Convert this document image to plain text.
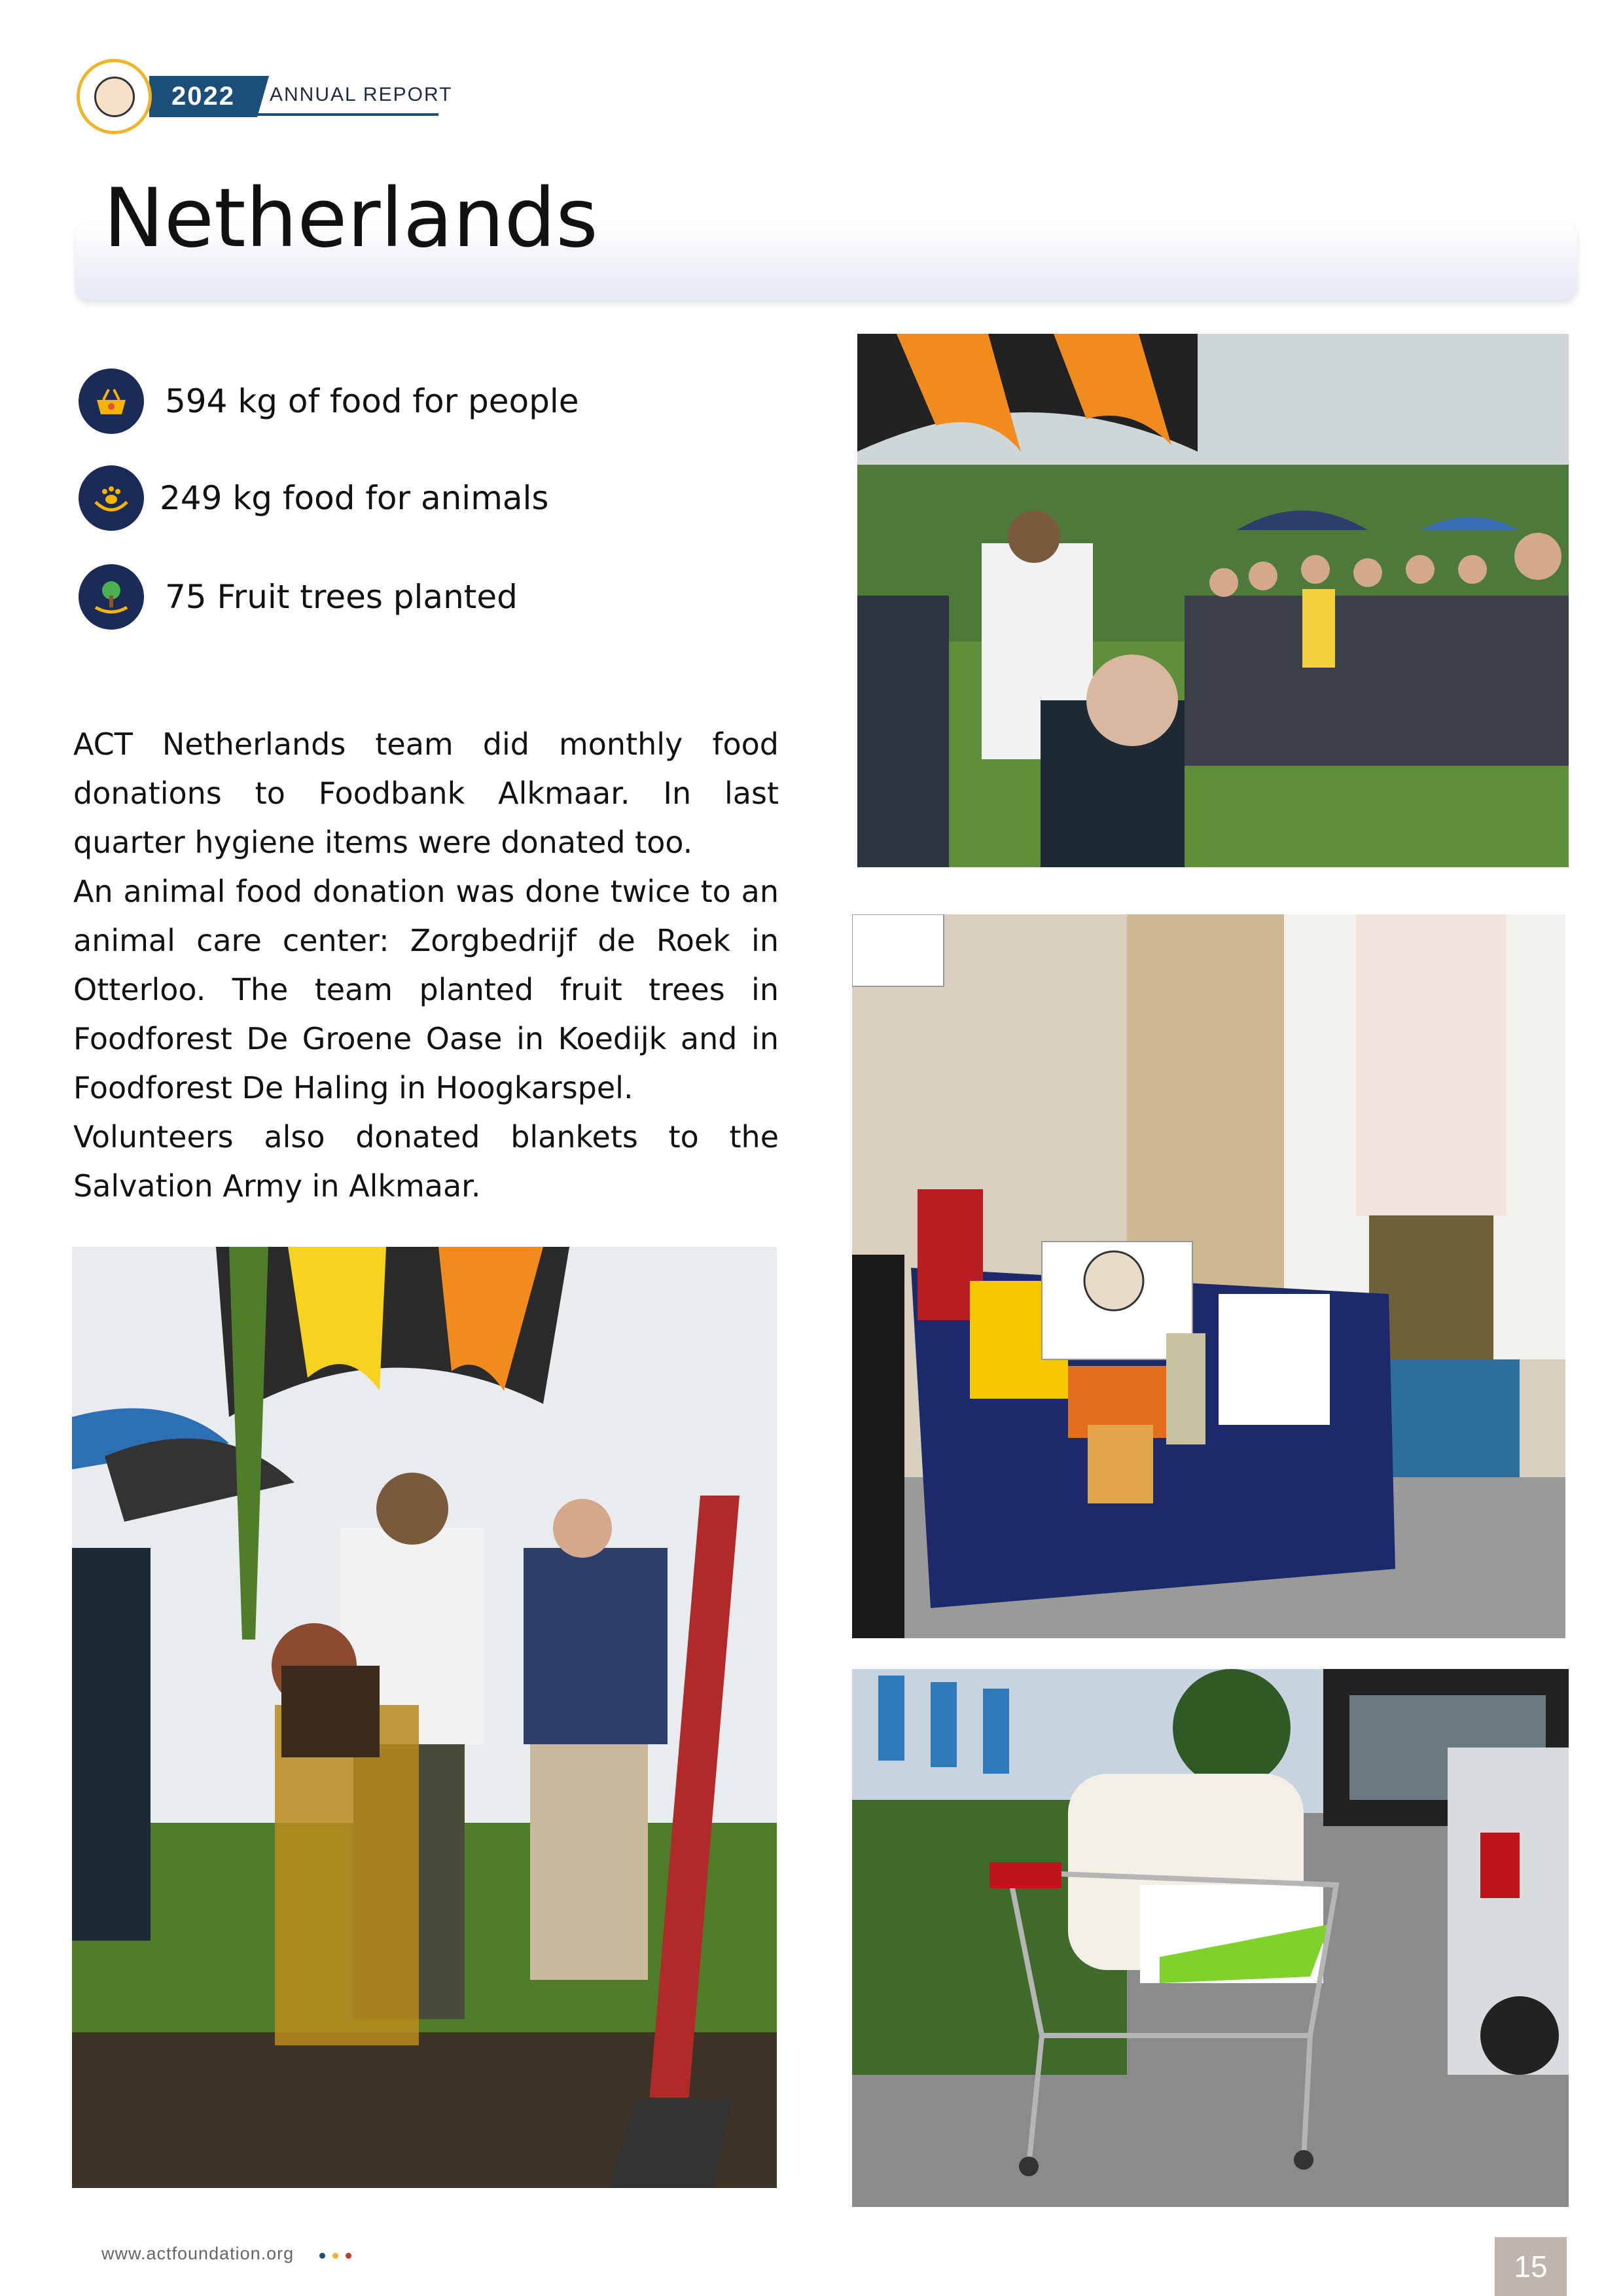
2022	ANNUAL REPORT
Netherlands
594 kg of food for people
249 kg food for animals
75 Fruit trees planted

ACT Netherlands team did monthly food donations to Foodbank Alkmaar. In last quarter hygiene items were donated too.

An animal food donation was done twice to an animal care center: Zorgbedrijf de Roek in Otterloo. The team planted fruit trees in Foodforest De Groene Oase in Koedijk and in Foodforest De Haling in Hoogkarspel.

Volunteers also donated blankets to the Salvation Army in Alkmaar.

www.actfoundation.org	15
